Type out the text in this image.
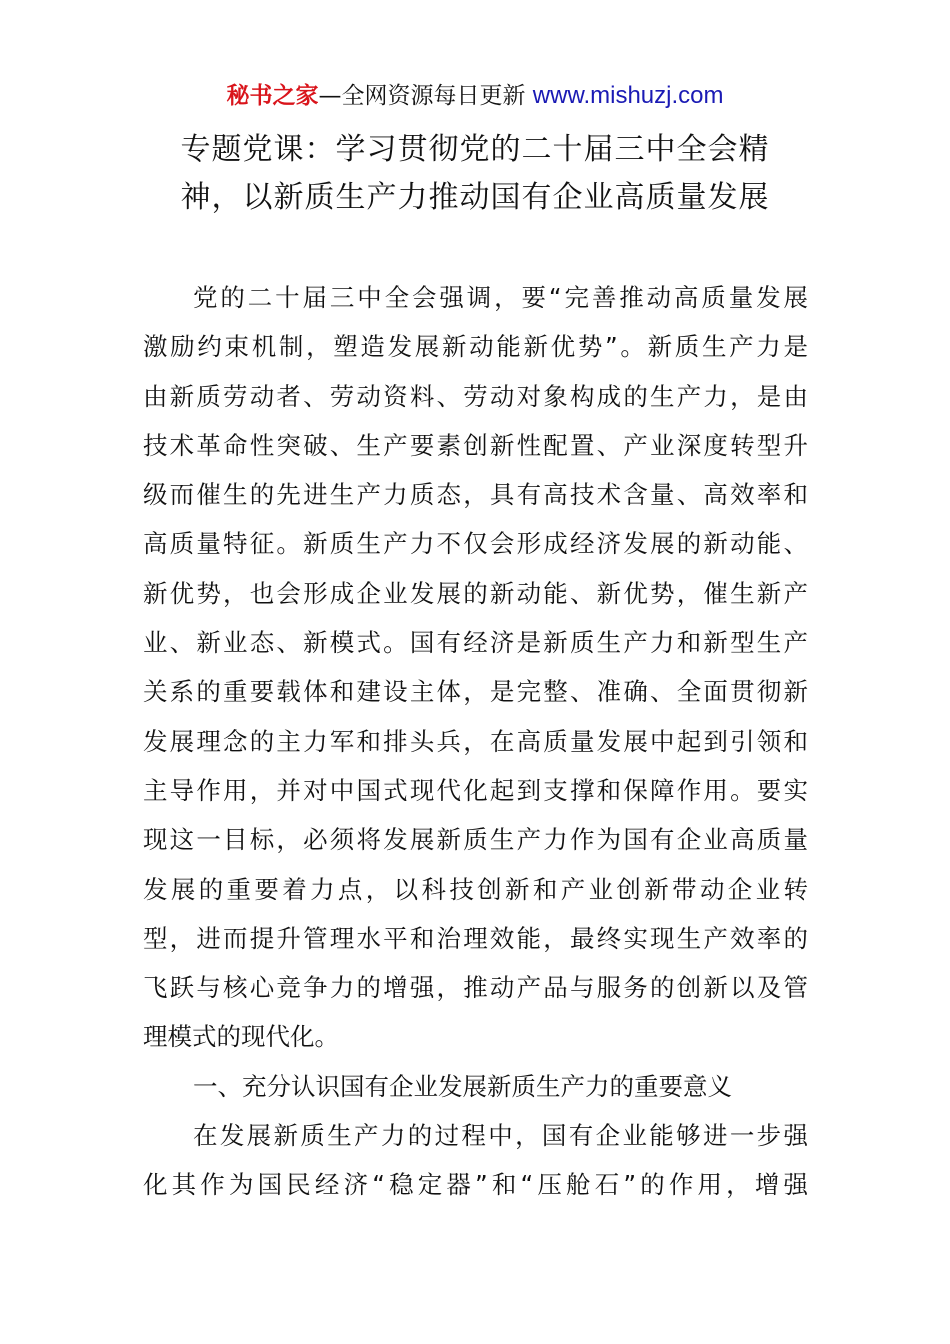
秘书之家—全网资源每日更新 www.mishuzj.com
专题党课：学习贯彻党的二十届三中全会精
神，以新质生产力推动国有企业高质量发展
党的二十届三中全会强调，要“完善推动高质量发展
激励约束机制，塑造发展新动能新优势”。新质生产力是
由新质劳动者、劳动资料、劳动对象构成的生产力，是由
技术革命性突破、生产要素创新性配置、产业深度转型升
级而催生的先进生产力质态，具有高技术含量、高效率和
高质量特征。新质生产力不仅会形成经济发展的新动能、
新优势，也会形成企业发展的新动能、新优势，催生新产
业、新业态、新模式。国有经济是新质生产力和新型生产
关系的重要载体和建设主体，是完整、准确、全面贯彻新
发展理念的主力军和排头兵，在高质量发展中起到引领和
主导作用，并对中国式现代化起到支撑和保障作用。要实
现这一目标，必须将发展新质生产力作为国有企业高质量
发展的重要着力点，以科技创新和产业创新带动企业转
型，进而提升管理水平和治理效能，最终实现生产效率的
飞跃与核心竞争力的增强，推动产品与服务的创新以及管
理模式的现代化。
一、充分认识国有企业发展新质生产力的重要意义
在发展新质生产力的过程中，国有企业能够进一步强
化其作为国民经济“稳定器”和“压舱石”的作用，增强
